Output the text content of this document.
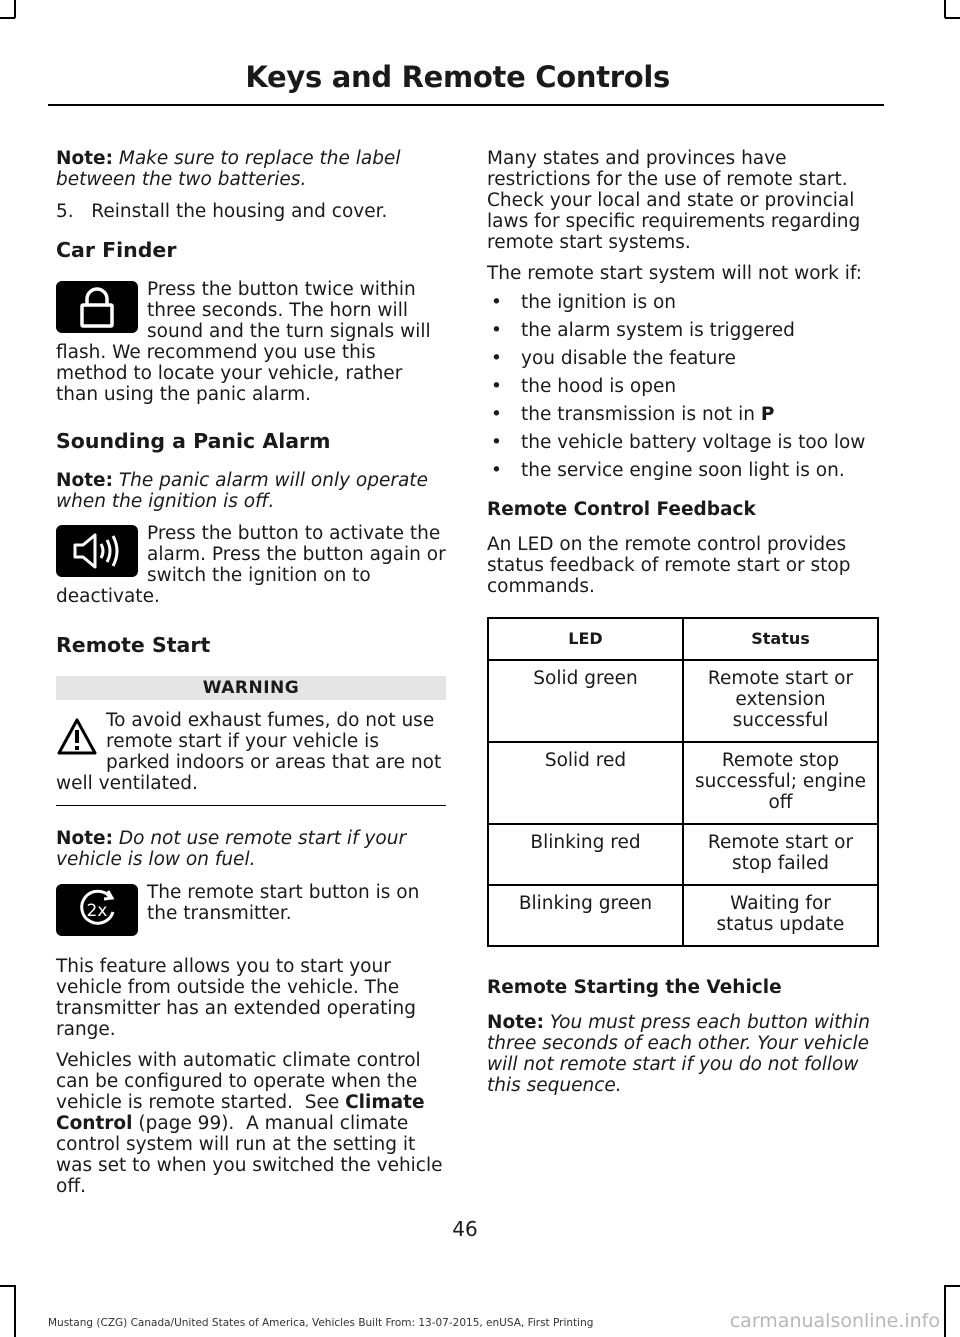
Keys and Remote Controls

Note: Make sure to replace the label between the two batteries.

5.   Reinstall the housing and cover.

Car Finder
Press the button twice within three seconds. The horn will sound and the turn signals will flash. We recommend you use this method to locate your vehicle, rather than using the panic alarm.
Sounding a Panic Alarm

Note: The panic alarm will only operate when the ignition is off.

Press the button to activate the alarm. Press the button again or switch the ignition on to deactivate.
Remote Start
WARNING
To avoid exhaust fumes, do not use remote start if your vehicle is parked indoors or areas that are not well ventilated.

Note: Do not use remote start if your vehicle is low on fuel.

2x
The remote start button is on the transmitter.

This feature allows you to start your vehicle from outside the vehicle. The transmitter has an extended operating range.

Vehicles with automatic climate control can be configured to operate when the vehicle is remote started.  See Climate Control (page 99).  A manual climate control system will run at the setting it was set to when you switched the vehicle off.

Many states and provinces have restrictions for the use of remote start. Check your local and state or provincial laws for specific requirements regarding remote start systems.

The remote start system will not work if:

• the ignition is on
• the alarm system is triggered
• you disable the feature
• the hood is open
• the transmission is not in P
• the vehicle battery voltage is too low
• the service engine soon light is on.
Remote Control Feedback

An LED on the remote control provides status feedback of remote start or stop commands.

LED	Status
Solid green	Remote start or extension successful
Solid red	Remote stop successful; engine off
Blinking red	Remote start or stop failed
Blinking green	Waiting for status update
Remote Starting the Vehicle

Note: You must press each button within three seconds of each other. Your vehicle will not remote start if you do not follow this sequence.

46
Mustang (CZG) Canada/United States of America, Vehicles Built From: 13-07-2015, enUSA, First Printing	carmanualsonline.info
